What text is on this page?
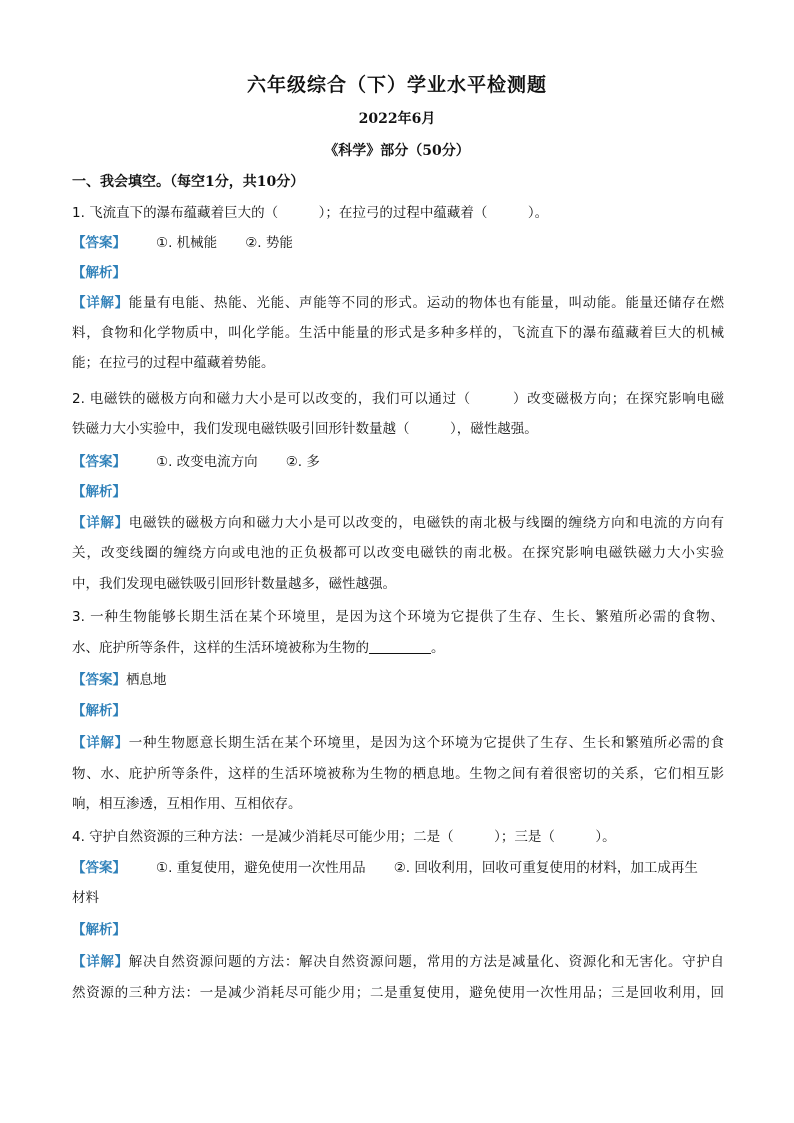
六年级综合（下）学业水平检测题
2022年6月
《科学》部分（50分）
一、我会填空。（每空1分，共10分）
1. 飞流直下的瀑布蕴藏着巨大的（　　　）；在拉弓的过程中蕴藏着（　　　）。
【答案】 ①. 机械能 ②. 势能
【解析】
【详解】能量有电能、热能、光能、声能等不同的形式。运动的物体也有能量，叫动能。能量还储存在燃
料，食物和化学物质中，叫化学能。生活中能量的形式是多种多样的，飞流直下的瀑布蕴藏着巨大的机械
能；在拉弓的过程中蕴藏着势能。
2. 电磁铁的磁极方向和磁力大小是可以改变的，我们可以通过（　　　）改变磁极方向；在探究影响电磁
铁磁力大小实验中，我们发现电磁铁吸引回形针数量越（　　　），磁性越强。
【答案】 ①. 改变电流方向 ②. 多
【解析】
【详解】电磁铁的磁极方向和磁力大小是可以改变的，电磁铁的南北极与线圈的缠绕方向和电流的方向有
关，改变线圈的缠绕方向或电池的正负极都可以改变电磁铁的南北极。在探究影响电磁铁磁力大小实验
中，我们发现电磁铁吸引回形针数量越多，磁性越强。
3. 一种生物能够长期生活在某个环境里，是因为这个环境为它提供了生存、生长、繁殖所必需的食物、
水、庇护所等条件，这样的生活环境被称为生物的	。
【答案】栖息地
【解析】
【详解】一种生物愿意长期生活在某个环境里，是因为这个环境为它提供了生存、生长和繁殖所必需的食
物、水、庇护所等条件，这样的生活环境被称为生物的栖息地。生物之间有着很密切的关系，它们相互影
响，相互渗透，互相作用、互相依存。
4. 守护自然资源的三种方法：一是减少消耗尽可能少用；二是（　　　）；三是（　　　）。
【答案】 ①. 重复使用，避免使用一次性用品 ②. 回收利用，回收可重复使用的材料，加工成再生
材料
【解析】
【详解】解决自然资源问题的方法：解决自然资源问题，常用的方法是减量化、资源化和无害化。守护自
然资源的三种方法：一是减少消耗尽可能少用；二是重复使用，避免使用一次性用品；三是回收利用，回
